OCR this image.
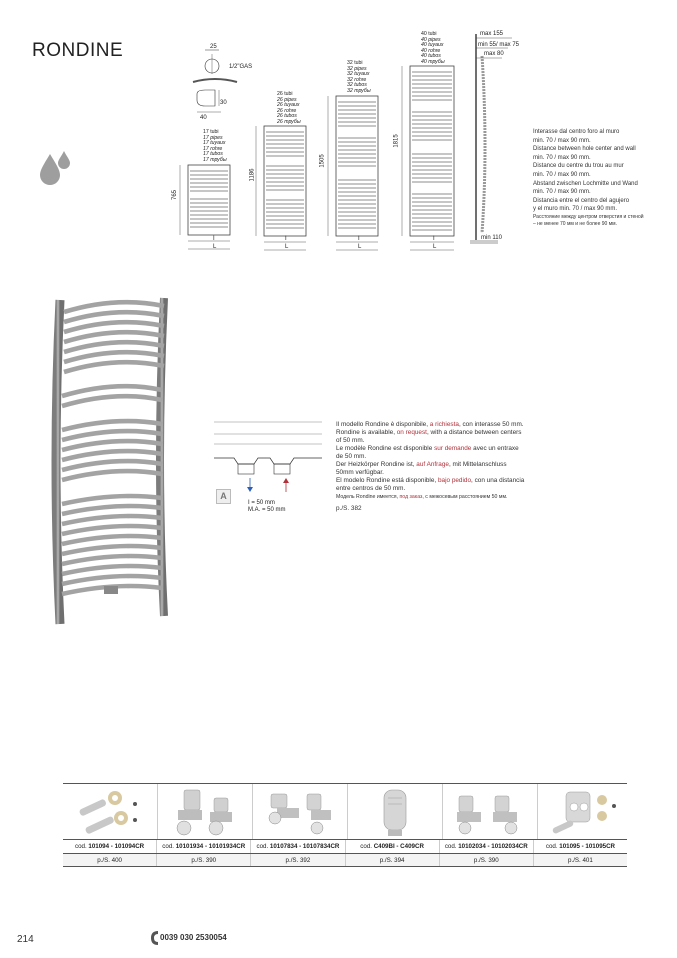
RONDINE	25
1/2"GAS
30
40
17 tubi
17 pipes
17 tuyaux
17 rohre
17 tubos
17 трубы
765
I
L
26 tubi
26 pipes
26 tuyaux
26 rohre
26 tubos
26 трубы
1186
I
L
32 tubi
32 pipes
32 tuyaux
32 rohre
32 tubos
32 трубы
1505
I
L
40 tubi
40 pipes
40 tuyaux
40 rohre
40 tubos
40 трубы
1815
I
L
max 155
min 55/ max 75
max 80
min 110
Interasse dal centro foro al muro
min. 70 / max 90 mm.
Distance between hole center and wall
min. 70 / max 90 mm.
Distance du centre du trou au mur
min. 70 / max 90 mm.
Abstand zwischen Lochmitte und Wand
min. 70 / max 90 mm.
Distancia entre el centro del agujero
y el muro min. 70 / max 90 mm.
Расстояние между центром отверстия и стеной
– не менее 70 мм и не более 90 мм.
A
I = 50 mm
M.A. = 50 mm
Il modello Rondine è disponibile, a richiesta, con interasse 50 mm.
Rondine is available, on request, with a distance between centers of 50 mm.
Le modèle Rondine est disponible sur demande avec un entraxe de 50 mm.
Der Heizkörper Rondine ist, auf Anfrage, mit Mittelanschluss 50mm verfügbar.
El modelo Rondine está disponible, bajo pedido, con una distancia entre centros de 50 mm.
Модель Rondine имеется, под заказ, с межосевым расстоянием 50 мм.
p./S. 382
cod. 101094 - 101094CR	cod. 10101934 - 10101934CR	cod. 10107834 - 10107834CR	cod. C409BI - C409CR	cod. 10102034 - 10102034CR	cod. 101095 - 101095CR
p./S. 400	p./S. 390	p./S. 392	p./S. 394	p./S. 390	p./S. 401
214	0039 030 2530054
